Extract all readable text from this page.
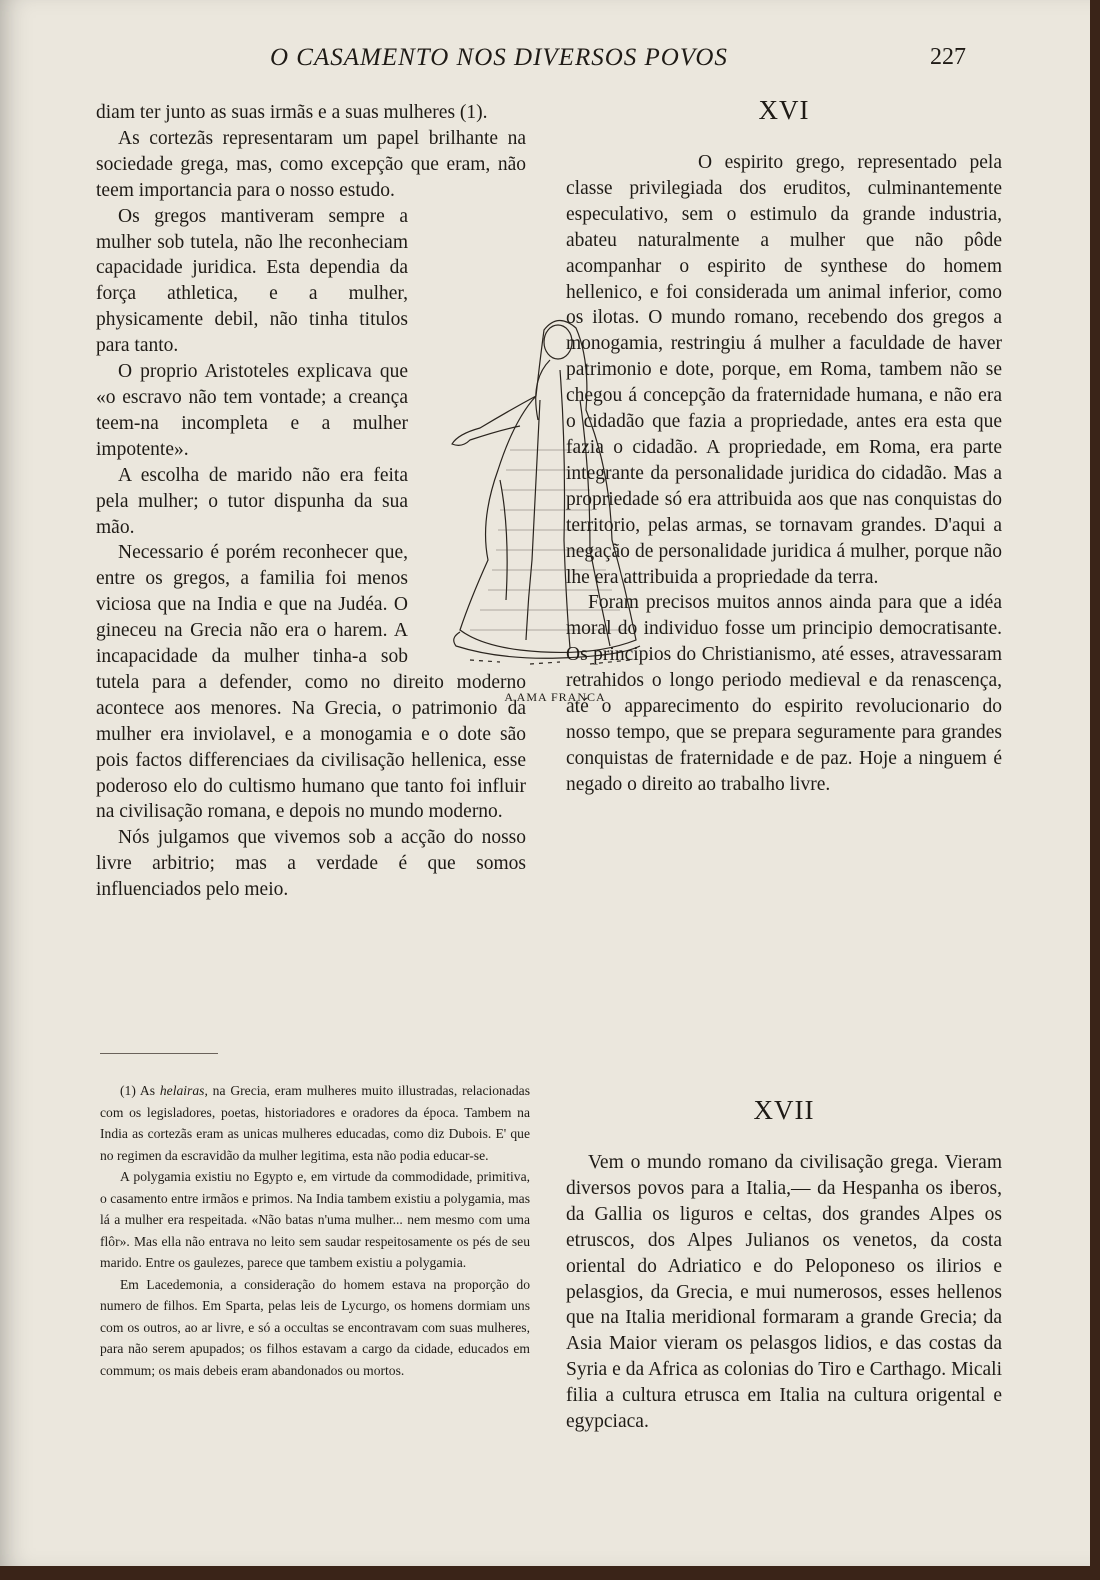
O CASAMENTO NOS DIVERSOS POVOS	227

diam ter junto as suas irmãs e a suas mulheres (1).

As cortezãs representaram um papel brilhante na sociedade grega, mas, como excepção que eram, não teem importancia para o nosso estudo.

Os gregos mantiveram sempre a mulher sob tutela, não lhe reconheciam capacidade juridica. Esta dependia da força athletica, e a mulher, physicamente debil, não tinha titulos para tanto.

O proprio Aristoteles explicava que «o escravo não tem vontade; a creança teem-na incompleta e a mulher impotente».

A escolha de marido não era feita pela mulher; o tutor dispunha da sua mão.

Necessario é porém reconhecer que, entre os gregos, a familia foi menos viciosa que na India e que na Judéa. O gineceu na Grecia não era o harem. A incapacidade da mulher tinha-a sob tutela para a defender, como no direito moderno acontece aos menores. Na Grecia, o patrimonio da mulher era inviolavel, e a monogamia e o dote são pois factos differenciaes da civilisação hellenica, esse poderoso elo do cultismo humano que tanto foi influir na civilisação romana, e depois no mundo moderno.

Nós julgamos que vivemos sob a acção do nosso livre arbitrio; mas a verdade é que somos influenciados pelo meio.

A AMA FRANCA

(1) As helairas, na Grecia, eram mulheres muito illustradas, relacionadas com os legisladores, poetas, historiadores e oradores da época. Tambem na India as cortezãs eram as unicas mulheres educadas, como diz Dubois. E' que no regimen da escravidão da mulher legitima, esta não podia educar-se.

A polygamia existiu no Egypto e, em virtude da commodidade, primitiva, o casamento entre irmãos e primos. Na India tambem existiu a polygamia, mas lá a mulher era respeitada. «Não batas n'uma mulher... nem mesmo com uma flôr». Mas ella não entrava no leito sem saudar respeitosamente os pés de seu marido. Entre os gaulezes, parece que tambem existiu a polygamia.

Em Lacedemonia, a consideração do homem estava na proporção do numero de filhos. Em Sparta, pelas leis de Lycurgo, os homens dormiam uns com os outros, ao ar livre, e só a occultas se encontravam com suas mulheres, para não serem apupados; os filhos estavam a cargo da cidade, educados em commum; os mais debeis eram abandonados ou mortos.

XVI

O espirito grego, representado pela classe privilegiada dos eruditos, culminantemente especulativo, sem o estimulo da grande industria, abateu naturalmente a mulher que não pôde acompanhar o espirito de synthese do homem hellenico, e foi considerada um animal inferior, como os ilotas. O mundo romano, recebendo dos gregos a monogamia, restringiu á mulher a faculdade de haver patrimonio e dote, porque, em Roma, tambem não se chegou á concepção da fraternidade humana, e não era o cidadão que fazia a propriedade, antes era esta que fazia o cidadão. A propriedade, em Roma, era parte integrante da personalidade juridica do cidadão. Mas a propriedade só era attribuida aos que nas conquistas do territorio, pelas armas, se tornavam grandes. D'aqui a negação de personalidade juridica á mulher, porque não lhe era attribuida a propriedade da terra.

Foram precisos muitos annos ainda para que a idéa moral do individuo fosse um principio democratisante. Os principios do Christianismo, até esses, atravessaram retrahidos o longo periodo medieval e da renascença, até o apparecimento do espirito revolucionario do nosso tempo, que se prepara seguramente para grandes conquistas de fraternidade e de paz. Hoje a ninguem é negado o direito ao trabalho livre.

XVII

Vem o mundo romano da civilisação grega. Vieram diversos povos para a Italia,— da Hespanha os iberos, da Gallia os liguros e celtas, dos grandes Alpes os etruscos, dos Alpes Julianos os venetos, da costa oriental do Adriatico e do Peloponeso os ilirios e pelasgios, da Grecia, e mui numerosos, esses hellenos que na Italia meridional formaram a grande Grecia; da Asia Maior vieram os pelasgos lidios, e das costas da Syria e da Africa as colonias do Tiro e Carthago. Micali filia a cultura etrusca em Italia na cultura origental e egypciaca.
